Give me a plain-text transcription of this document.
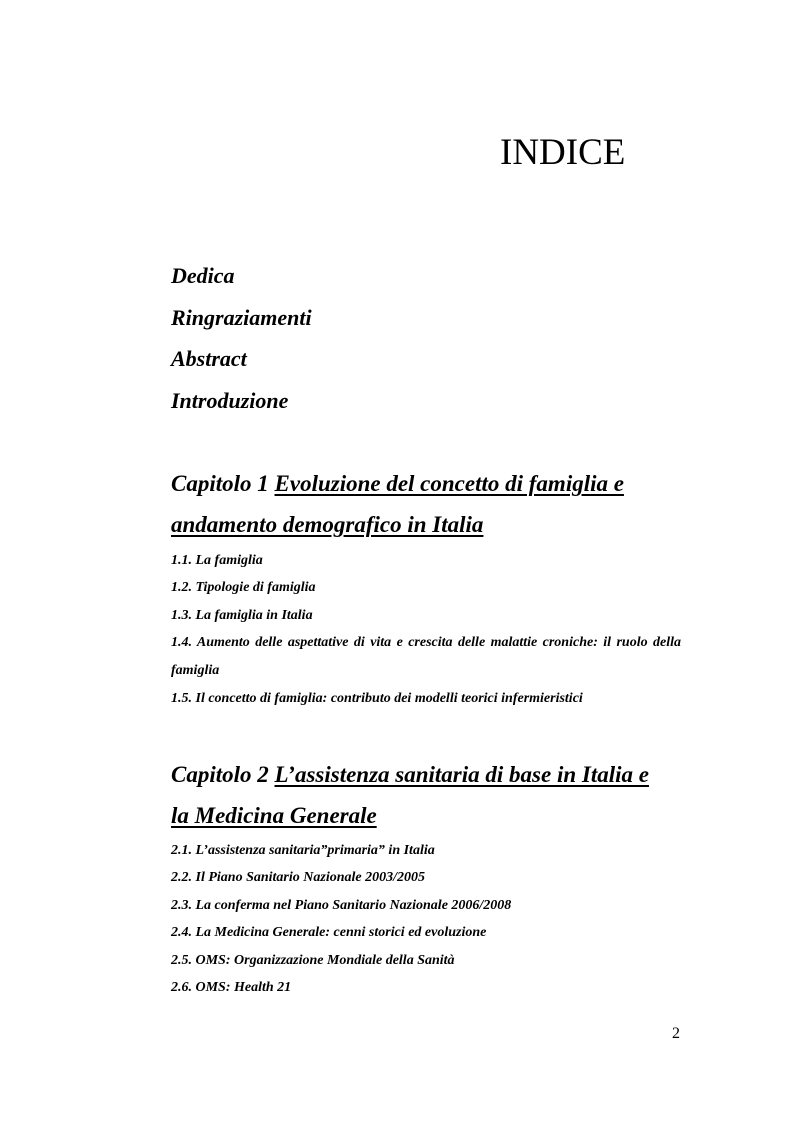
INDICE

Dedica

Ringraziamenti

Abstract

Introduzione

Capitolo 1 Evoluzione del concetto di famiglia e

andamento demografico in Italia

1.1. La famiglia

1.2. Tipologie di famiglia

1.3. La famiglia in Italia

1.4. Aumento delle aspettative di vita e crescita delle malattie croniche: il ruolo della famiglia

1.5. Il concetto di famiglia: contributo dei modelli teorici infermieristici

Capitolo 2 L’assistenza sanitaria di base in Italia e

la Medicina Generale

2.1. L’assistenza sanitaria”primaria” in Italia

2.2. Il Piano Sanitario Nazionale 2003/2005

2.3. La conferma nel Piano Sanitario Nazionale 2006/2008

2.4. La Medicina Generale: cenni storici ed evoluzione

2.5. OMS: Organizzazione Mondiale della Sanità

2.6. OMS: Health 21

2
